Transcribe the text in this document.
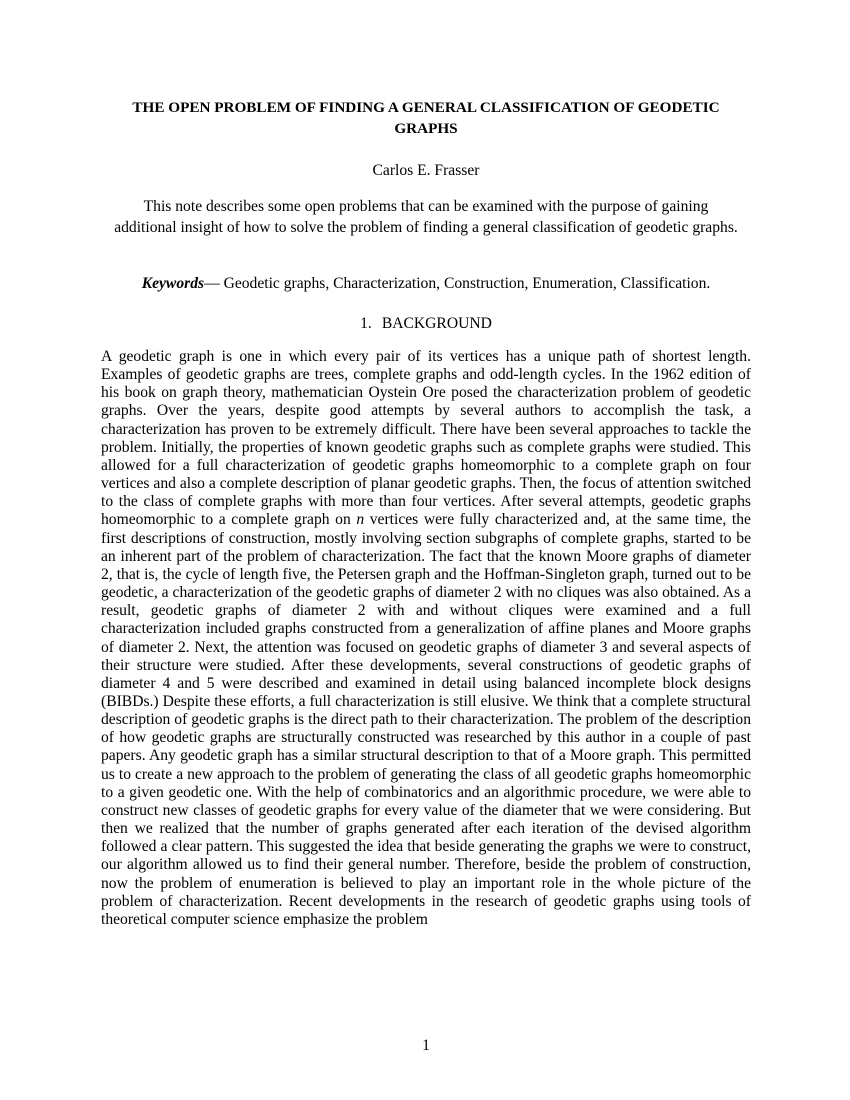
THE OPEN PROBLEM OF FINDING A GENERAL CLASSIFICATION OF GEODETIC GRAPHS
Carlos E. Frasser
This note describes some open problems that can be examined with the purpose of gaining additional insight of how to solve the problem of finding a general classification of geodetic graphs.
Keywords— Geodetic graphs, Characterization, Construction, Enumeration, Classification.
1. BACKGROUND

A geodetic graph is one in which every pair of its vertices has a unique path of shortest length. Examples of geodetic graphs are trees, complete graphs and odd-length cycles. In the 1962 edition of his book on graph theory, mathematician Oystein Ore posed the characterization problem of geodetic graphs. Over the years, despite good attempts by several authors to accomplish the task, a characterization has proven to be extremely difficult. There have been several approaches to tackle the problem. Initially, the properties of known geodetic graphs such as complete graphs were studied. This allowed for a full characterization of geodetic graphs homeomorphic to a complete graph on four vertices and also a complete description of planar geodetic graphs. Then, the focus of attention switched to the class of complete graphs with more than four vertices. After several attempts, geodetic graphs homeomorphic to a complete graph on n vertices were fully characterized and, at the same time, the first descriptions of construction, mostly involving section subgraphs of complete graphs, started to be an inherent part of the problem of characterization. The fact that the known Moore graphs of diameter 2, that is, the cycle of length five, the Petersen graph and the Hoffman-Singleton graph, turned out to be geodetic, a characterization of the geodetic graphs of diameter 2 with no cliques was also obtained. As a result, geodetic graphs of diameter 2 with and without cliques were examined and a full characterization included graphs constructed from a generalization of affine planes and Moore graphs of diameter 2. Next, the attention was focused on geodetic graphs of diameter 3 and several aspects of their structure were studied. After these developments, several constructions of geodetic graphs of diameter 4 and 5 were described and examined in detail using balanced incomplete block designs (BIBDs.) Despite these efforts, a full characterization is still elusive. We think that a complete structural description of geodetic graphs is the direct path to their characterization. The problem of the description of how geodetic graphs are structurally constructed was researched by this author in a couple of past papers. Any geodetic graph has a similar structural description to that of a Moore graph. This permitted us to create a new approach to the problem of generating the class of all geodetic graphs homeomorphic to a given geodetic one. With the help of combinatorics and an algorithmic procedure, we were able to construct new classes of geodetic graphs for every value of the diameter that we were considering. But then we realized that the number of graphs generated after each iteration of the devised algorithm followed a clear pattern. This suggested the idea that beside generating the graphs we were to construct, our algorithm allowed us to find their general number. Therefore, beside the problem of construction, now the problem of enumeration is believed to play an important role in the whole picture of the problem of characterization. Recent developments in the research of geodetic graphs using tools of theoretical computer science emphasize the problem

1
